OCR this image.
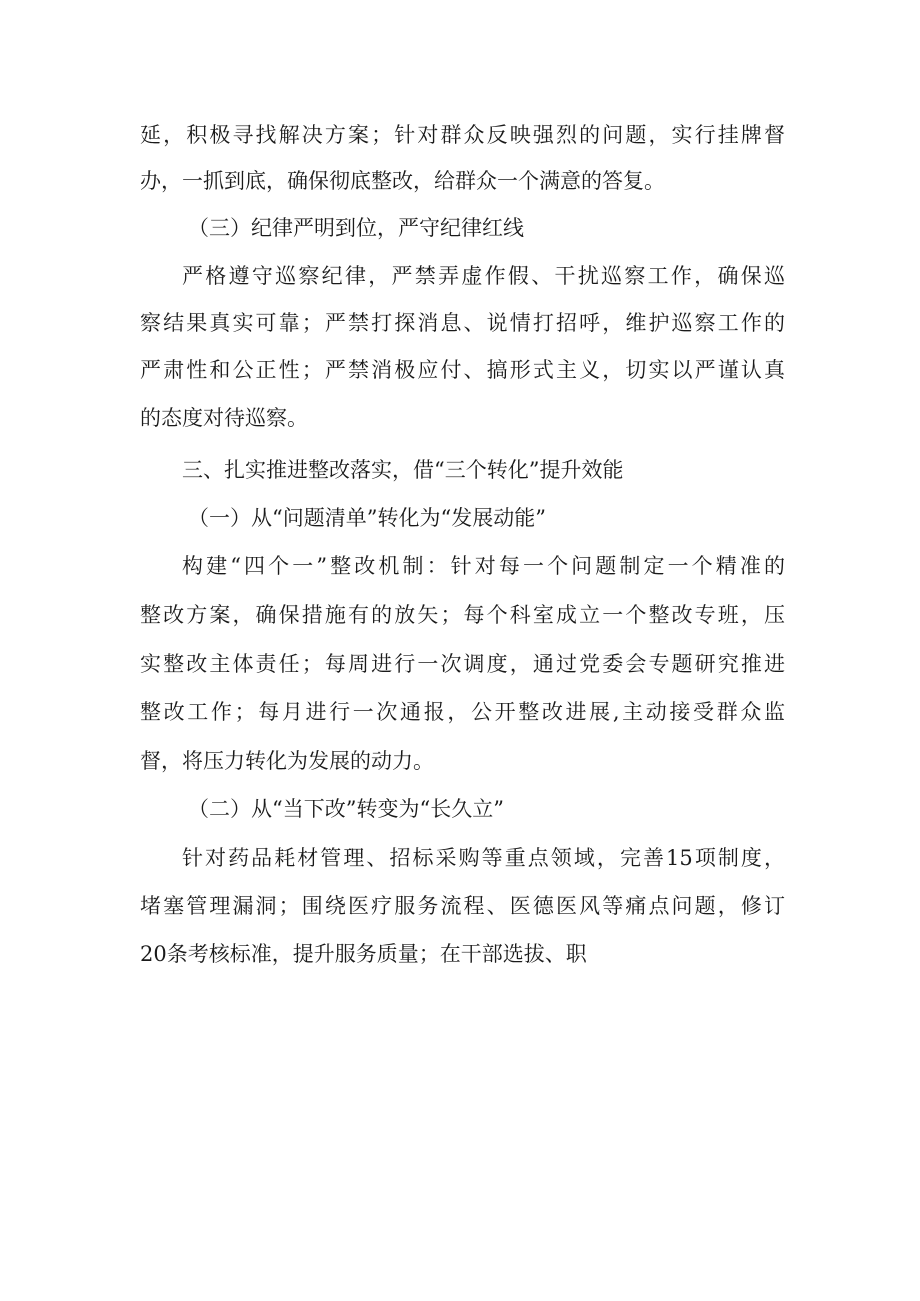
延，积极寻找解决方案；针对群众反映强烈的问题，实行挂牌督
办，一抓到底，确保彻底整改，给群众一个满意的答复。
（三）纪律严明到位，严守纪律红线
严格遵守巡察纪律，严禁弄虚作假、干扰巡察工作，确保巡
察结果真实可靠；严禁打探消息、说情打招呼，维护巡察工作的
严肃性和公正性；严禁消极应付、搞形式主义，切实以严谨认真
的态度对待巡察。
三、扎实推进整改落实，借“三个转化”提升效能
（一）从“问题清单”转化为“发展动能”
构建“四个一”整改机制：针对每一个问题制定一个精准的
整改方案，确保措施有的放矢；每个科室成立一个整改专班，压
实整改主体责任；每周进行一次调度，通过党委会专题研究推进
整改工作；每月进行一次通报，公开整改进展,主动接受群众监
督，将压力转化为发展的动力。
（二）从“当下改”转变为“长久立”
针对药品耗材管理、招标采购等重点领域，完善15项制度，
堵塞管理漏洞；围绕医疗服务流程、医德医风等痛点问题，修订
20条考核标准，提升服务质量；在干部选拔、职
